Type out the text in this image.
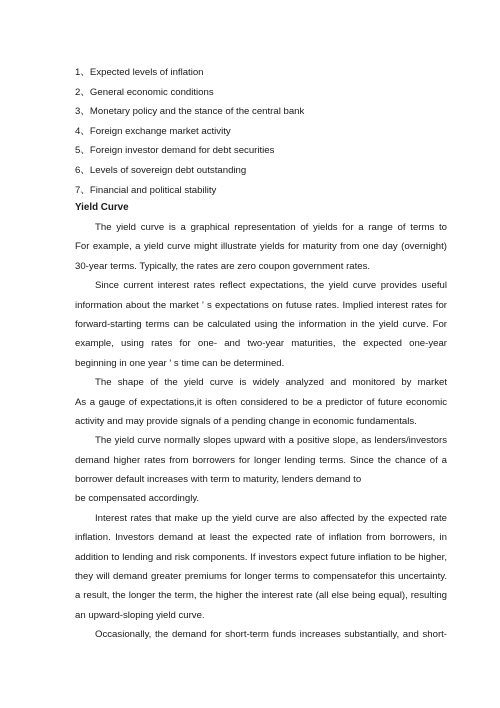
1、Expected levels of inflation
2、General economic conditions
3、Monetary policy and the stance of the central bank
4、Foreign exchange market activity
5、Foreign investor demand for debt securities
6、Levels of sovereign debt outstanding
7、Financial and political stability
Yield Curve
The yield curve is a graphical representation of yields for a range of terms to
For example, a yield curve might illustrate yields for maturity from one day (overnight)
30-year terms. Typically, the rates are zero coupon government rates.
Since current interest rates reflect expectations, the yield curve provides useful
information about the market ' s expectations on futuse rates. Implied interest rates for
forward-starting terms can be calculated using the information in the yield curve. For
example, using rates for one- and two-year maturities, the expected one-year
beginning in one year ' s time can be determined.
The shape of the yield curve is widely analyzed and monitored by market
As a gauge of expectations,it is often considered to be a predictor of future economic
activity and may provide signals of a pending change in economic fundamentals.
The yield curve normally slopes upward with a positive slope, as lenders/investors
demand higher rates from borrowers for longer lending terms. Since the chance of a
borrower default increases with term to maturity, lenders demand to
be compensated accordingly.
Interest rates that make up the yield curve are also affected by the expected rate
inflation. Investors demand at least the expected rate of inflation from borrowers, in
addition to lending and risk components. If investors expect future inflation to be higher,
they will demand greater premiums for longer terms to compensatefor this uncertainty.
a result, the longer the term, the higher the interest rate (all else being equal), resulting
an upward-sloping yield curve.
Occasionally, the demand for short-term funds increases substantially, and short-
